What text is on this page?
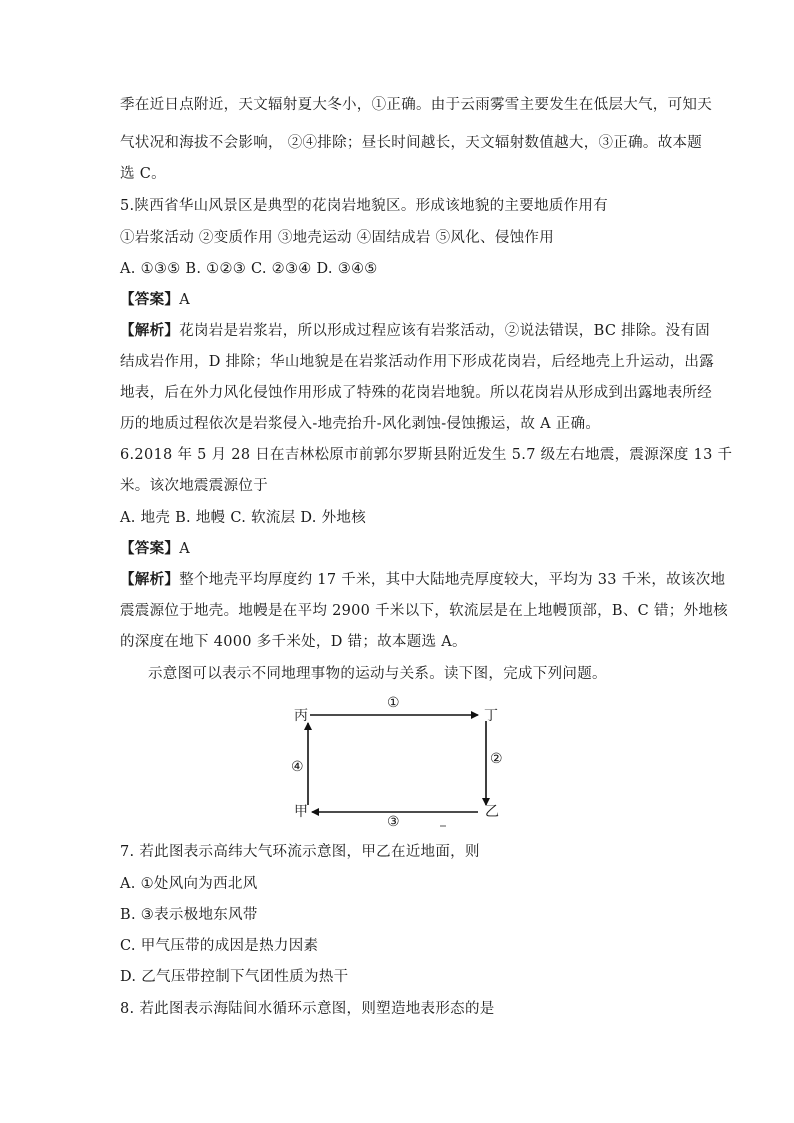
季在近日点附近，天文辐射夏大冬小，①正确。由于云雨雾雪主要发生在低层大气，可知天
气状况和海拔不会影响， ②④排除；昼长时间越长，天文辐射数值越大，③正确。故本题
选 C。
5.陕西省华山风景区是典型的花岗岩地貌区。形成该地貌的主要地质作用有
①岩浆活动 ②变质作用 ③地壳运动 ④固结成岩 ⑤风化、侵蚀作用
A. ①③⑤ B. ①②③ C. ②③④ D. ③④⑤
【答案】A
【解析】花岗岩是岩浆岩，所以形成过程应该有岩浆活动，②说法错误，BC 排除。没有固
结成岩作用，D 排除；华山地貌是在岩浆活动作用下形成花岗岩，后经地壳上升运动，出露
地表，后在外力风化侵蚀作用形成了特殊的花岗岩地貌。所以花岗岩从形成到出露地表所经
历的地质过程依次是岩浆侵入-地壳抬升-风化剥蚀-侵蚀搬运，故 A 正确。
6.2018 年 5 月 28 日在吉林松原市前郭尔罗斯县附近发生 5.7 级左右地震，震源深度 13 千
米。该次地震震源位于
A. 地壳 B. 地幔 C. 软流层 D. 外地核
【答案】A
【解析】整个地壳平均厚度约 17 千米，其中大陆地壳厚度较大，平均为 33 千米，故该次地
震震源位于地壳。地幔是在平均 2900 千米以下，软流层是在上地幔顶部，B、C 错；外地核
的深度在地下 4000 多千米处，D 错；故本题选 A。
示意图可以表示不同地理事物的运动与关系。读下图，完成下列问题。
丙	丁
甲	乙
①
②
③
④
7. 若此图表示高纬大气环流示意图，甲乙在近地面，则
A. ①处风向为西北风
B. ③表示极地东风带
C. 甲气压带的成因是热力因素
D. 乙气压带控制下气团性质为热干
8. 若此图表示海陆间水循环示意图，则塑造地表形态的是
